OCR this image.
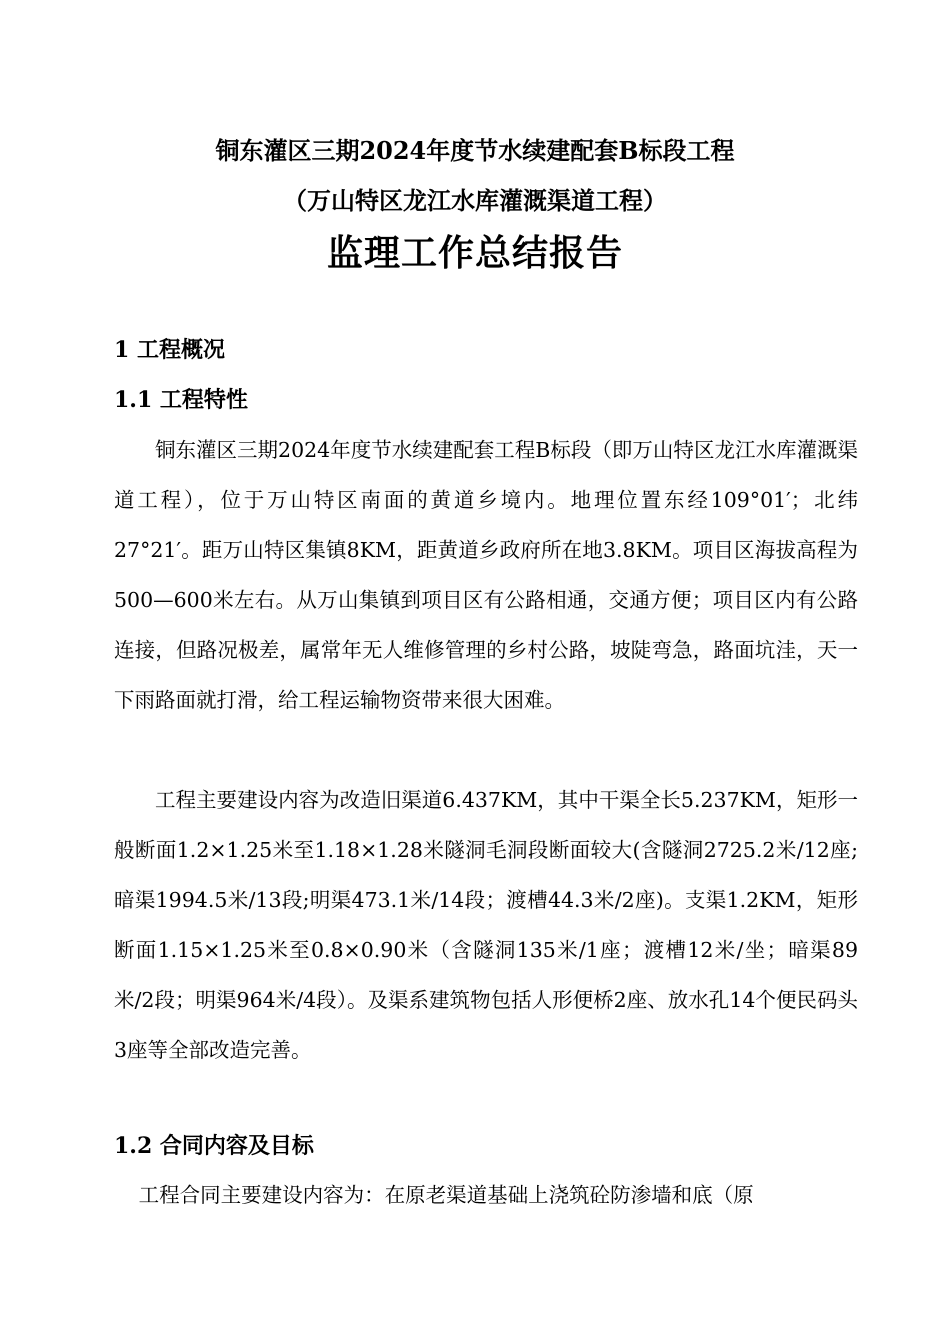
铜东灌区三期2024年度节水续建配套B标段工程
（万山特区龙江水库灌溉渠道工程）
监理工作总结报告
1 工程概况
1.1 工程特性

铜东灌区三期2024年度节水续建配套工程B标段（即万山特区龙江水库灌溉渠道工程），位于万山特区南面的黄道乡境内。地理位置东经109°01′；北纬27°21′。距万山特区集镇8KM，距黄道乡政府所在地3.8KM。项目区海拔高程为500—600米左右。从万山集镇到项目区有公路相通，交通方便；项目区内有公路连接，但路况极差，属常年无人维修管理的乡村公路，坡陡弯急，路面坑洼，天一下雨路面就打滑，给工程运输物资带来很大困难。

工程主要建设内容为改造旧渠道6.437KM，其中干渠全长5.237KM，矩形一般断面1.2×1.25米至1.18×1.28米隧洞毛洞段断面较大(含隧洞2725.2米/12座;暗渠1994.5米/13段;明渠473.1米/14段；渡槽44.3米/2座)。支渠1.2KM，矩形断面1.15×1.25米至0.8×0.90米（含隧洞135米/1座；渡槽12米/坐；暗渠89米/2段；明渠964米/4段）。及渠系建筑物包括人形便桥2座、放水孔14个便民码头3座等全部改造完善。

1.2 合同内容及目标

工程合同主要建设内容为：在原老渠道基础上浇筑砼防渗墙和底（原
